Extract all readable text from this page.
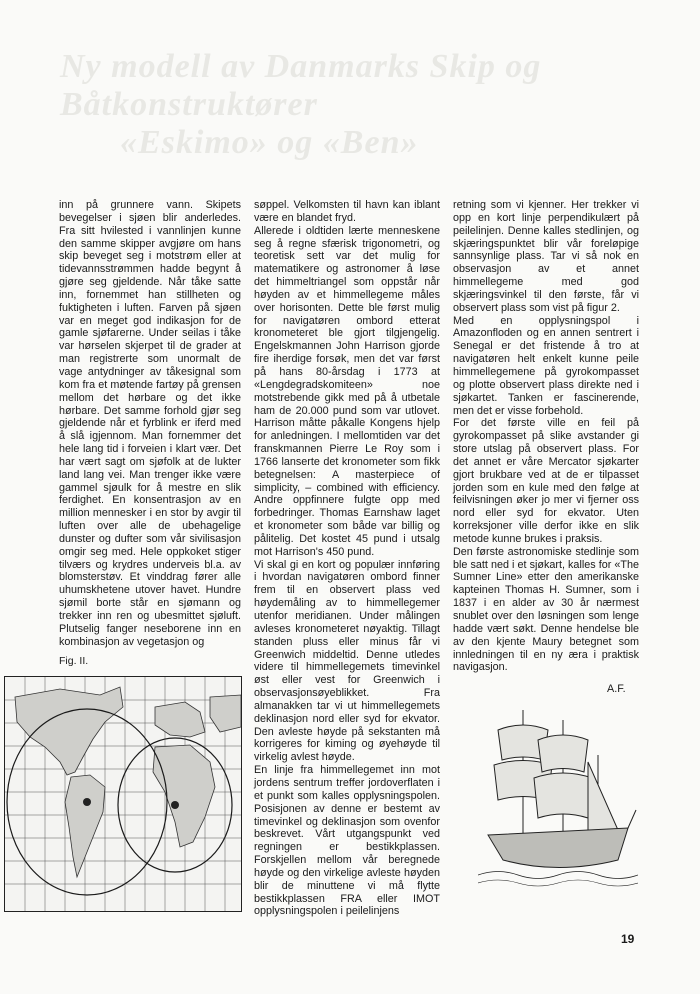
Ny modell av Danmarks Skip og Båtkonstruktører
«Eskimo» og «Ben»

inn på grunnere vann. Skipets bevegelser i sjøen blir anderledes. Fra sitt hvilested i vannlinjen kunne den samme skipper avgjøre om hans skip beveget seg i motstrøm eller at tidevannsstrømmen hadde begynt å gjøre seg gjeldende. Når tåke satte inn, fornemmet han stillheten og fuktigheten i luften. Farven på sjøen var en meget god indikasjon for de gamle sjøfarerne. Under seilas i tåke var hørselen skjerpet til de grader at man registrerte som unormalt de vage antydninger av tåkesignal som kom fra et møtende fartøy på grensen mellom det hørbare og det ikke hørbare. Det samme forhold gjør seg gjeldende når et fyrblink er iferd med å slå igjennom. Man fornemmer det hele lang tid i forveien i klart vær. Det har vært sagt om sjøfolk at de lukter land lang vei. Man trenger ikke være gammel sjøulk for å mestre en slik ferdighet. En konsentrasjon av en million mennesker i en stor by avgir til luften over alle de ubehagelige dunster og dufter som vår sivilisasjon omgir seg med. Hele oppkoket stiger tilværs og krydres underveis bl.a. av blomsterstøv. Et vinddrag fører alle uhumskhetene utover havet. Hundre sjømil borte står en sjømann og trekker inn ren og ubesmittet sjøluft. Plutselig fanger neseborene inn en kombinasjon av vegetasjon og

Fig. II.

søppel. Velkomsten til havn kan iblant være en blandet fryd.

Allerede i oldtiden lærte menneskene seg å regne sfærisk trigonometri, og teoretisk sett var det mulig for matematikere og astronomer å løse det himmeltriangel som oppstår når høyden av et himmellegeme måles over horisonten. Dette ble først mulig for navigatøren ombord etterat kronometeret ble gjort tilgjengelig. Engelskmannen John Harrison gjorde fire iherdige forsøk, men det var først på hans 80-årsdag i 1773 at «Lengdegradskomiteen» noe motstrebende gikk med på å utbetale ham de 20.000 pund som var utlovet. Harrison måtte påkalle Kongens hjelp for anledningen. I mellomtiden var det franskmannen Pierre Le Roy som i 1766 lanserte det kronometer som fikk betegnelsen: A masterpiece of simplicity, – combined with efficiency. Andre oppfinnere fulgte opp med forbedringer. Thomas Earnshaw laget et kronometer som både var billig og pålitelig. Det kostet 45 pund i utsalg mot Harrison's 450 pund.

Vi skal gi en kort og populær innføring i hvordan navigatøren ombord finner frem til en observert plass ved høydemåling av to himmellegemer utenfor meridianen. Under målingen avleses kronometeret nøyaktig. Tillagt standen pluss eller minus får vi Greenwich middeltid. Denne utledes videre til himmellegemets timevinkel øst eller vest for Greenwich i observasjonsøyeblikket. Fra almanakken tar vi ut himmellegemets deklinasjon nord eller syd for ekvator. Den avleste høyde på sekstanten må korrigeres for kiming og øyehøyde til virkelig avlest høyde.

En linje fra himmellegemet inn mot jordens sentrum treffer jordoverflaten i et punkt som kalles opplysningspolen. Posisjonen av denne er bestemt av timevinkel og deklinasjon som ovenfor beskrevet. Vårt utgangspunkt ved regningen er bestikkplassen. Forskjellen mellom vår beregnede høyde og den virkelige avleste høyden blir de minuttene vi må flytte bestikkplassen FRA eller IMOT opplysningspolen i peilelinjens

retning som vi kjenner. Her trekker vi opp en kort linje perpendikulært på peilelinjen. Denne kalles stedlinjen, og skjæringspunktet blir vår foreløpige sannsynlige plass. Tar vi så nok en observasjon av et annet himmellegeme med god skjæringsvinkel til den første, får vi observert plass som vist på figur 2.

Med en opplysningspol i Amazonfloden og en annen sentrert i Senegal er det fristende å tro at navigatøren helt enkelt kunne peile himmellegemene på gyrokompasset og plotte observert plass direkte ned i sjøkartet. Tanken er fascinerende, men det er visse forbehold.

For det første ville en feil på gyrokompasset på slike avstander gi store utslag på observert plass. For det annet er våre Mercator sjøkarter gjort brukbare ved at de er tilpasset jorden som en kule med den følge at feilvisningen øker jo mer vi fjerner oss nord eller syd for ekvator. Uten korreksjoner ville derfor ikke en slik metode kunne brukes i praksis.

Den første astronomiske stedlinje som ble satt ned i et sjøkart, kalles for «The Sumner Line» etter den amerikanske kapteinen Thomas H. Sumner, som i 1837 i en alder av 30 år nærmest snublet over den løsningen som lenge hadde vært søkt. Denne hendelse ble av den kjente Maury betegnet som innledningen til en ny æra i praktisk navigasjon.

A.F.
19
